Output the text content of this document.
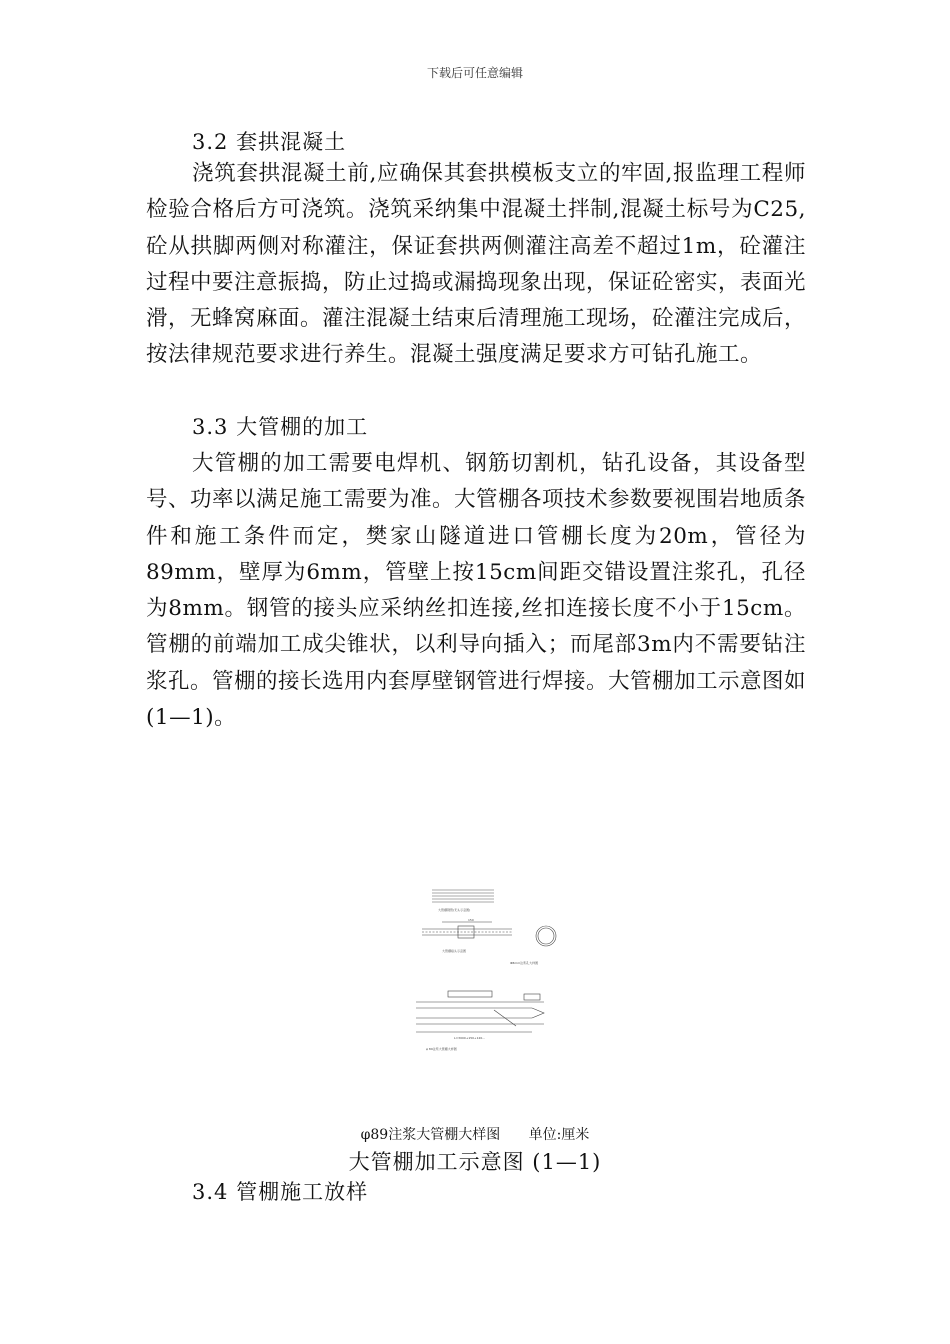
下载后可任意编辑
3.2 套拱混凝土

浇筑套拱混凝土前,应确保其套拱模板支立的牢固,报监理工程师检验合格后方可浇筑。浇筑采纳集中混凝土拌制,混凝土标号为C25,砼从拱脚两侧对称灌注，保证套拱两侧灌注高差不超过1m，砼灌注过程中要注意振捣，防止过捣或漏捣现象出现，保证砼密实，表面光滑，无蜂窝麻面。灌注混凝土结束后清理施工现场，砼灌注完成后，按法律规范要求进行养生。混凝土强度满足要求方可钻孔施工。

3.3 大管棚的加工

大管棚的加工需要电焊机、钢筋切割机，钻孔设备，其设备型号、功率以满足施工需要为准。大管棚各项技术参数要视围岩地质条件和施工条件而定，樊家山隧道进口管棚长度为20m，管径为89mm，壁厚为6mm，管壁上按15cm间距交错设置注浆孔，孔径为8mm。钢管的接头应采纳丝扣连接,丝扣连接长度不小于15cm。管棚的前端加工成尖锥状，以利导向插入；而尾部3m内不需要钻注浆孔。管棚的接长选用内套厚壁钢管进行焊接。大管棚加工示意图如(1—1)。

大管棚钢管(无头示意图)
150
大管棚接头示意图
Φ8mm注浆孔大样图
L=3000+150+120...
φ 89注浆大管棚大样图
φ89注浆大管棚大样图 单位:厘米
大管棚加工示意图 (1—1)
3.4 管棚施工放样
